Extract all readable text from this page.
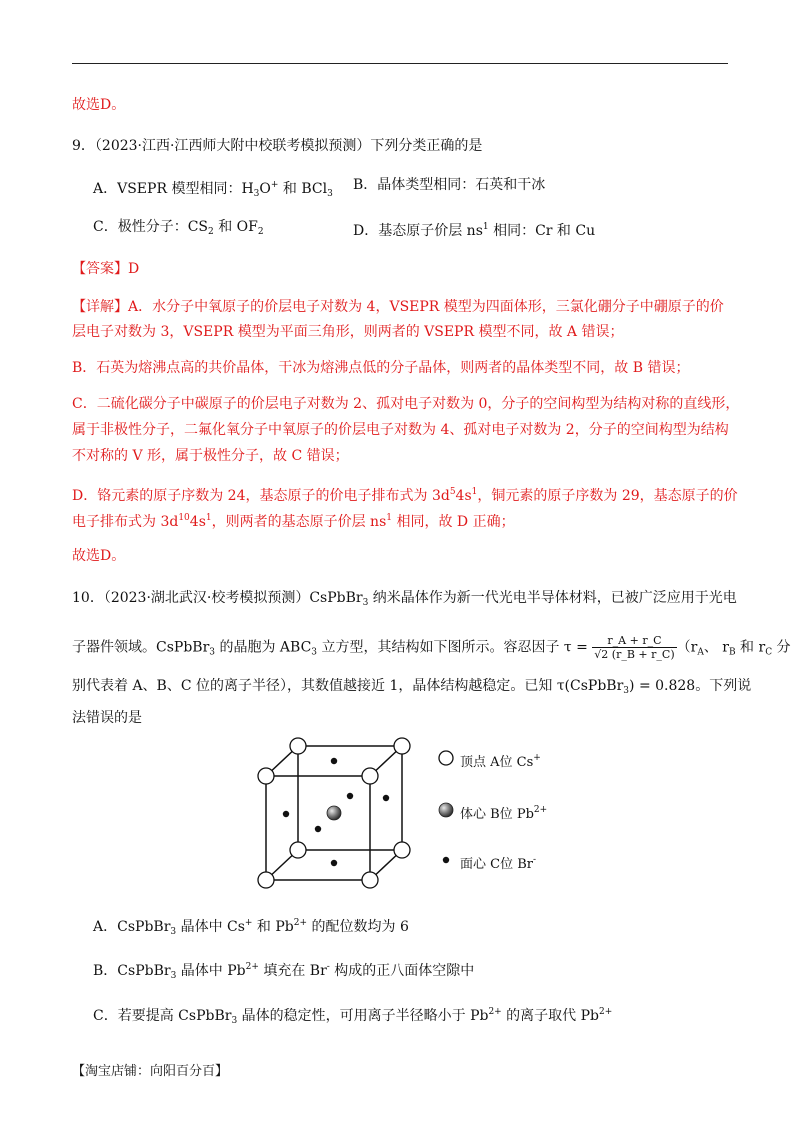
故选D。
9．（2023·江西·江西师大附中校联考模拟预测）下列分类正确的是
A．VSEPR 模型相同：$H_3O^+$ 和 BCl$_3$
B．晶体类型相同：石英和干冰
C．极性分子：$CS_2$ 和 $OF_2$	D．基态原子价层 $ns^1$ 相同：Cr 和 Cu
【答案】D
【详解】A．水分子中氧原子的价层电子对数为 4，VSEPR 模型为四面体形，三氯化硼分子中硼原子的价
层电子对数为 3，VSEPR 模型为平面三角形，则两者的 VSEPR 模型不同，故 A 错误；
B．石英为熔沸点高的共价晶体，干冰为熔沸点低的分子晶体，则两者的晶体类型不同，故 B 错误；
C．二硫化碳分子中碳原子的价层电子对数为 2、孤对电子对数为 0，分子的空间构型为结构对称的直线形，
属于非极性分子，二氟化氧分子中氧原子的价层电子对数为 4、孤对电子对数为 2，分子的空间构型为结构
不对称的 V 形，属于极性分子，故 C 错误；
D．铬元素的原子序数为 24，基态原子的价电子排布式为 $3d^54s^1$，铜元素的原子序数为 29，基态原子的价
电子排布式为 $3d^{10}4s^1$，则两者的基态原子价层 $ns^1$ 相同，故 D 正确；
故选D。
10．（2023·湖北武汉·校考模拟预测）CsPbBr$_3$ 纳米晶体作为新一代光电半导体材料，已被广泛应用于光电
子器件领域。CsPbBr$_3$ 的晶胞为 $ABC_3$ 立方型，其结构如下图所示。容忍因子 $\tau = \frac{r\_A + r\_C}{√2 (r\_B + r\_C)} (r_A$、 $r_B$ 和 $r_C$ 分
别代表着 A、B、C 位的离子半径），其数值越接近 1，晶体结构越稳定。已知 τ(CsPbBr$_3$) = 0.828。下列说
法错误的是
顶点 A位 Cs+
体心 B位 $Pb^{2+}$
面心 C位 Br-
A．CsPbBr$_3$ 晶体中 Cs+ 和 $Pb^{2+}$ 的配位数均为 6
B．CsPbBr$_3$ 晶体中 $Pb^{2+}$ 填充在 Br- 构成的正八面体空隙中
C．若要提高 CsPbBr$_3$ 晶体的稳定性，可用离子半径略小于 $Pb^{2+}$ 的离子取代 $Pb^{2+}$
【淘宝店铺：向阳百分百】
